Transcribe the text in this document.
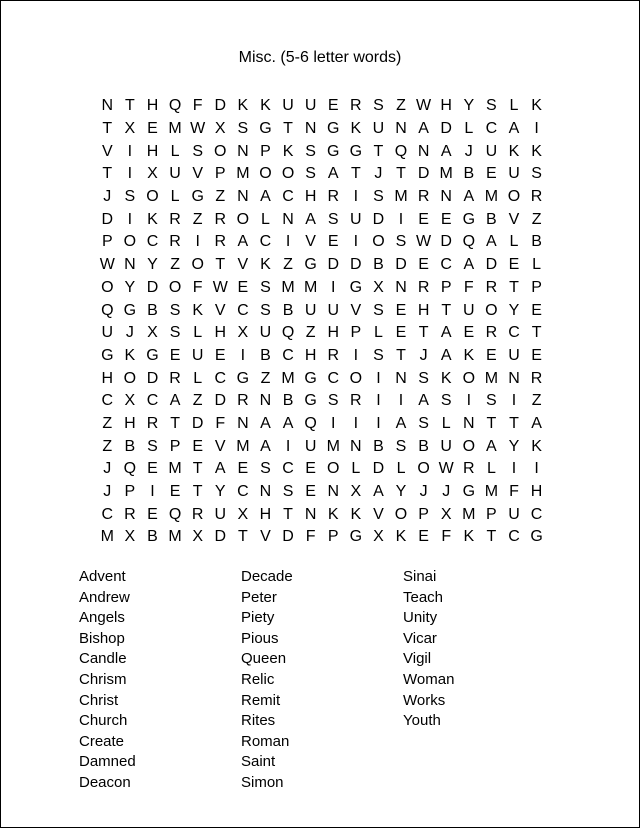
Misc. (5-6 letter words)
N T H Q F D K K U U E R S Z W H Y S L K
T X E M W X S G T N G K U N A D L C A I
V I H L S O N P K S G G T Q N A J U K K
T I X U V P M O O S A T J T D M B E U S
J S O L G Z N A C H R I S M R N A M O R
D I K R Z R O L N A S U D I E E G B V Z
P O C R I R A C I V E I O S W D Q A L B
W N Y Z O T V K Z G D D B D E C A D E L
O Y D O F W E S M M I G X N R P F R T P
Q G B S K V C S B U U V S E H T U O Y E
U J X S L H X U Q Z H P L E T A E R C T
G K G E U E I B C H R I S T J A K E U E
H O D R L C G Z M G C O I N S K O M N R
C X C A Z D R N B G S R I	I A S I S I Z
Z H R T D F N A A Q I	I	I A S L N T T A
Z B S P E V M A I U M N B S B U O A Y K
J Q E M T A E S C E O L D L O W R L I	I
J P I E T Y C N S E N X A Y J J G M F H
C R E Q R U X H T N K K V O P X M P U C
M X B M X D T V D F P G X K E F K T C G
Advent
Andrew
Angels
Bishop
Candle
Chrism
Christ
Church
Create
Damned
Deacon
Decade
Peter
Piety
Pious
Queen
Relic
Remit
Rites
Roman
Saint
Simon
Sinai
Teach
Unity
Vicar
Vigil
Woman
Works
Youth
